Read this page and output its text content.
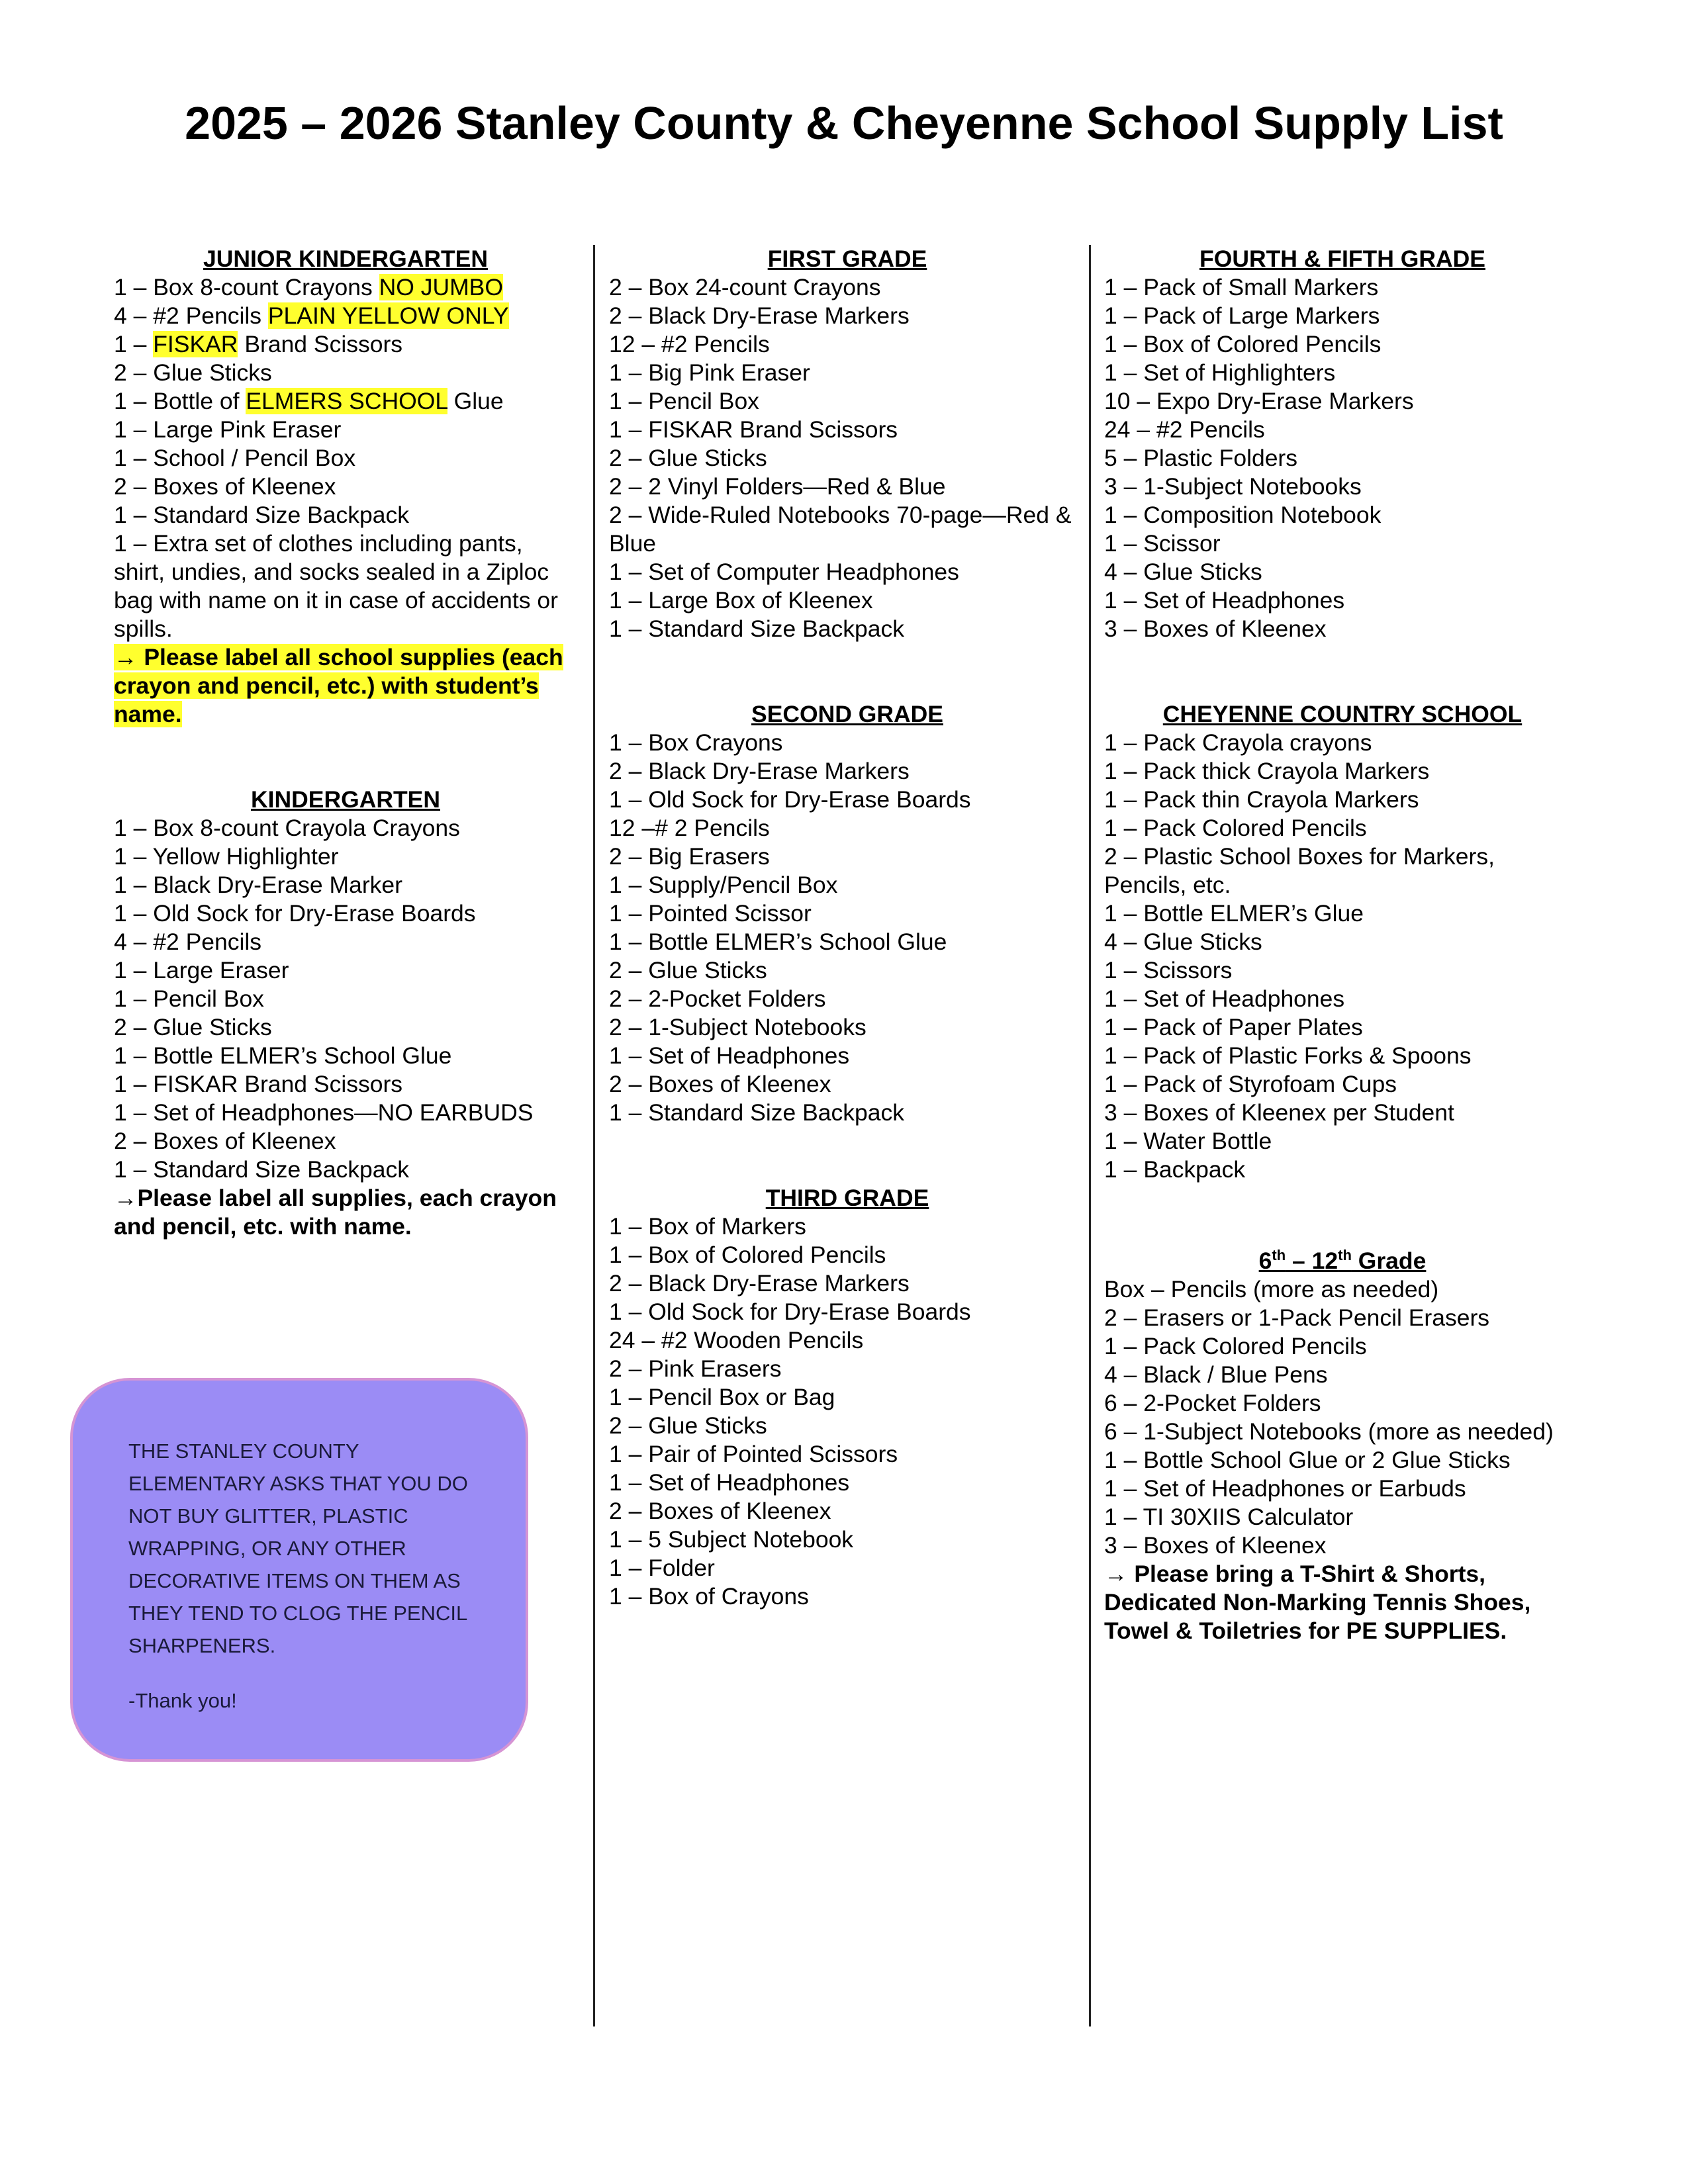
2025 – 2026 Stanley County & Cheyenne School Supply List
JUNIOR KINDERGARTEN
1 – Box 8-count Crayons NO JUMBO
4 – #2 Pencils PLAIN YELLOW ONLY
1 – FISKAR Brand Scissors
2 – Glue Sticks
1 – Bottle of ELMERS SCHOOL Glue
1 – Large Pink Eraser
1 – School / Pencil Box
2 – Boxes of Kleenex
1 – Standard Size Backpack
1 – Extra set of clothes including pants, shirt, undies, and socks sealed in a Ziploc bag with name on it in case of accidents or spills.
→ Please label all school supplies (each crayon and pencil, etc.) with student’s name.
KINDERGARTEN
1 – Box 8-count Crayola Crayons
1 – Yellow Highlighter
1 – Black Dry-Erase Marker
1 – Old Sock for Dry-Erase Boards
4 – #2 Pencils
1 – Large Eraser
1 – Pencil Box
2 – Glue Sticks
1 – Bottle ELMER’s School Glue
1 – FISKAR Brand Scissors
1 – Set of Headphones—NO EARBUDS
2 – Boxes of Kleenex
1 – Standard Size Backpack
→Please label all supplies, each crayon and pencil, etc. with name.

THE STANLEY COUNTY ELEMENTARY ASKS THAT YOU DO NOT BUY GLITTER, PLASTIC WRAPPING, OR ANY OTHER DECORATIVE ITEMS ON THEM AS THEY TEND TO CLOG THE PENCIL SHARPENERS.

-Thank you!

FIRST GRADE
2 – Box 24-count Crayons
2 – Black Dry-Erase Markers
12 – #2 Pencils
1 – Big Pink Eraser
1 – Pencil Box
1 – FISKAR Brand Scissors
2 – Glue Sticks
2 – 2 Vinyl Folders—Red & Blue
2 – Wide-Ruled Notebooks 70-page—Red & Blue
1 – Set of Computer Headphones
1 – Large Box of Kleenex
1 – Standard Size Backpack
SECOND GRADE
1 – Box Crayons
2 – Black Dry-Erase Markers
1 – Old Sock for Dry-Erase Boards
12 –# 2 Pencils
2 – Big Erasers
1 – Supply/Pencil Box
1 – Pointed Scissor
1 – Bottle ELMER’s School Glue
2 – Glue Sticks
2 – 2-Pocket Folders
2 – 1-Subject Notebooks
1 – Set of Headphones
2 – Boxes of Kleenex
1 – Standard Size Backpack
THIRD GRADE
1 – Box of Markers
1 – Box of Colored Pencils
2 – Black Dry-Erase Markers
1 – Old Sock for Dry-Erase Boards
24 – #2 Wooden Pencils
2 – Pink Erasers
1 – Pencil Box or Bag
2 – Glue Sticks
1 – Pair of Pointed Scissors
1 – Set of Headphones
2 – Boxes of Kleenex
1 – 5 Subject Notebook
1 – Folder
1 – Box of Crayons
FOURTH & FIFTH GRADE
1 – Pack of Small Markers
1 – Pack of Large Markers
1 – Box of Colored Pencils
1 – Set of Highlighters
10 – Expo Dry-Erase Markers
24 – #2 Pencils
5 – Plastic Folders
3 – 1-Subject Notebooks
1 – Composition Notebook
1 – Scissor
4 – Glue Sticks
1 – Set of Headphones
3 – Boxes of Kleenex
CHEYENNE COUNTRY SCHOOL
1 – Pack Crayola crayons
1 – Pack thick Crayola Markers
1 – Pack thin Crayola Markers
1 – Pack Colored Pencils
2 – Plastic School Boxes for Markers, Pencils, etc.
1 – Bottle ELMER’s Glue
4 – Glue Sticks
1 – Scissors
1 – Set of Headphones
1 – Pack of Paper Plates
1 – Pack of Plastic Forks & Spoons
1 – Pack of Styrofoam Cups
3 – Boxes of Kleenex per Student
1 – Water Bottle
1 – Backpack
6th – 12th Grade
Box – Pencils (more as needed)
2 – Erasers or 1-Pack Pencil Erasers
1 – Pack Colored Pencils
4 – Black / Blue Pens
6 – 2-Pocket Folders
6 – 1-Subject Notebooks (more as needed)
1 – Bottle School Glue or 2 Glue Sticks
1 – Set of Headphones or Earbuds
1 – TI 30XIIS Calculator
3 – Boxes of Kleenex
→ Please bring a T-Shirt & Shorts, Dedicated Non-Marking Tennis Shoes, Towel & Toiletries for PE SUPPLIES.
